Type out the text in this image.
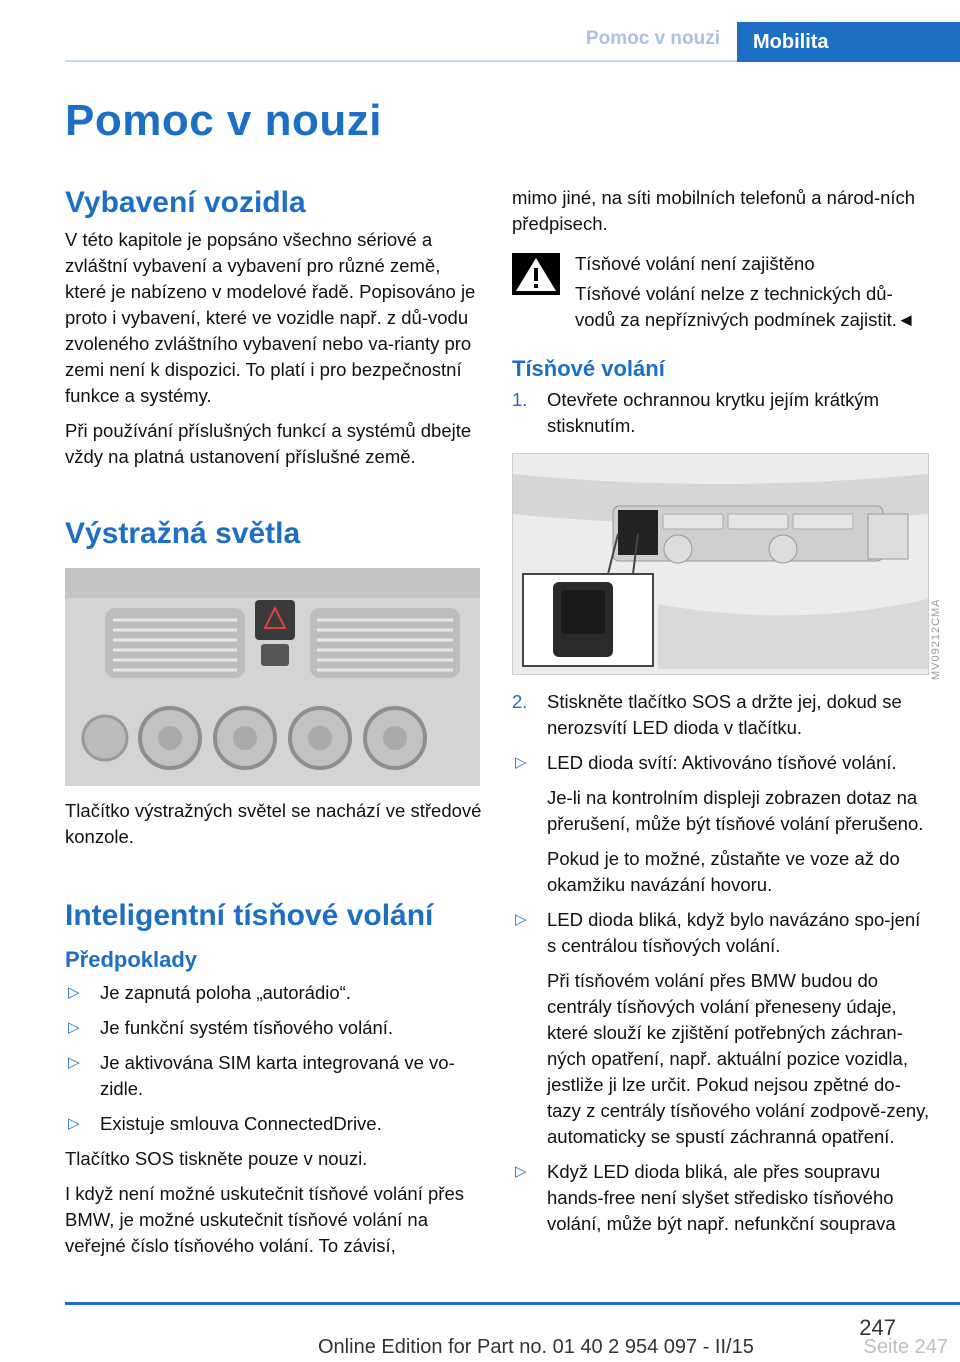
Pomoc v nouzi	Mobilita
Pomoc v nouzi
Vybavení vozidla

V této kapitole je popsáno všechno sériové a zvláštní vybavení a vybavení pro různé země, které je nabízeno v modelové řadě. Popisováno je proto i vybavení, které ve vozidle např. z dů-vodu zvoleného zvláštního vybavení nebo va-rianty pro zemi není k dispozici. To platí i pro bezpečnostní funkce a systémy.

Při používání příslušných funkcí a systémů dbejte vždy na platná ustanovení příslušné země.

Výstražná světla

Tlačítko výstražných světel se nachází ve středové konzole.

Inteligentní tísňové volání
Předpoklady
▷ Je zapnutá poloha „autorádio“.
▷ Je funkční systém tísňového volání.
▷ Je aktivována SIM karta integrovaná ve vo-zidle.
▷ Existuje smlouva ConnectedDrive.

Tlačítko SOS tiskněte pouze v nouzi.

I když není možné uskutečnit tísňové volání přes BMW, je možné uskutečnit tísňové volání na veřejné číslo tísňového volání. To závisí,

mimo jiné, na síti mobilních telefonů a národ-ních předpisech.

Tísňové volání není zajištěno

Tísňové volání nelze z technických dů-vodů za nepříznivých podmínek zajistit.◄

Tísňové volání
1. Otevřete ochrannou krytku jejím krátkým stisknutím.
2. Stiskněte tlačítko SOS a držte jej, dokud se nerozsvítí LED dioda v tlačítku.
▷ LED dioda svítí: Aktivováno tísňové volání.

Je-li na kontrolním displeji zobrazen dotaz na přerušení, může být tísňové volání přerušeno.

Pokud je to možné, zůstaňte ve voze až do okamžiku navázání hovoru.

▷ LED dioda bliká, když bylo navázáno spo-jení s centrálou tísňových volání.

Při tísňovém volání přes BMW budou do centrály tísňových volání přeneseny údaje, které slouží ke zjištění potřebných záchran-ných opatření, např. aktuální pozice vozidla, jestliže ji lze určit. Pokud nejsou zpětné do-tazy z centrály tísňového volání zodpově-zeny, automaticky se spustí záchranná opatření.

▷ Když LED dioda bliká, ale přes soupravu hands-free není slyšet středisko tísňového volání, může být např. nefunkční souprava
MV09212CMA
247
Seite 247
Online Edition for Part no. 01 40 2 954 097 - II/15
